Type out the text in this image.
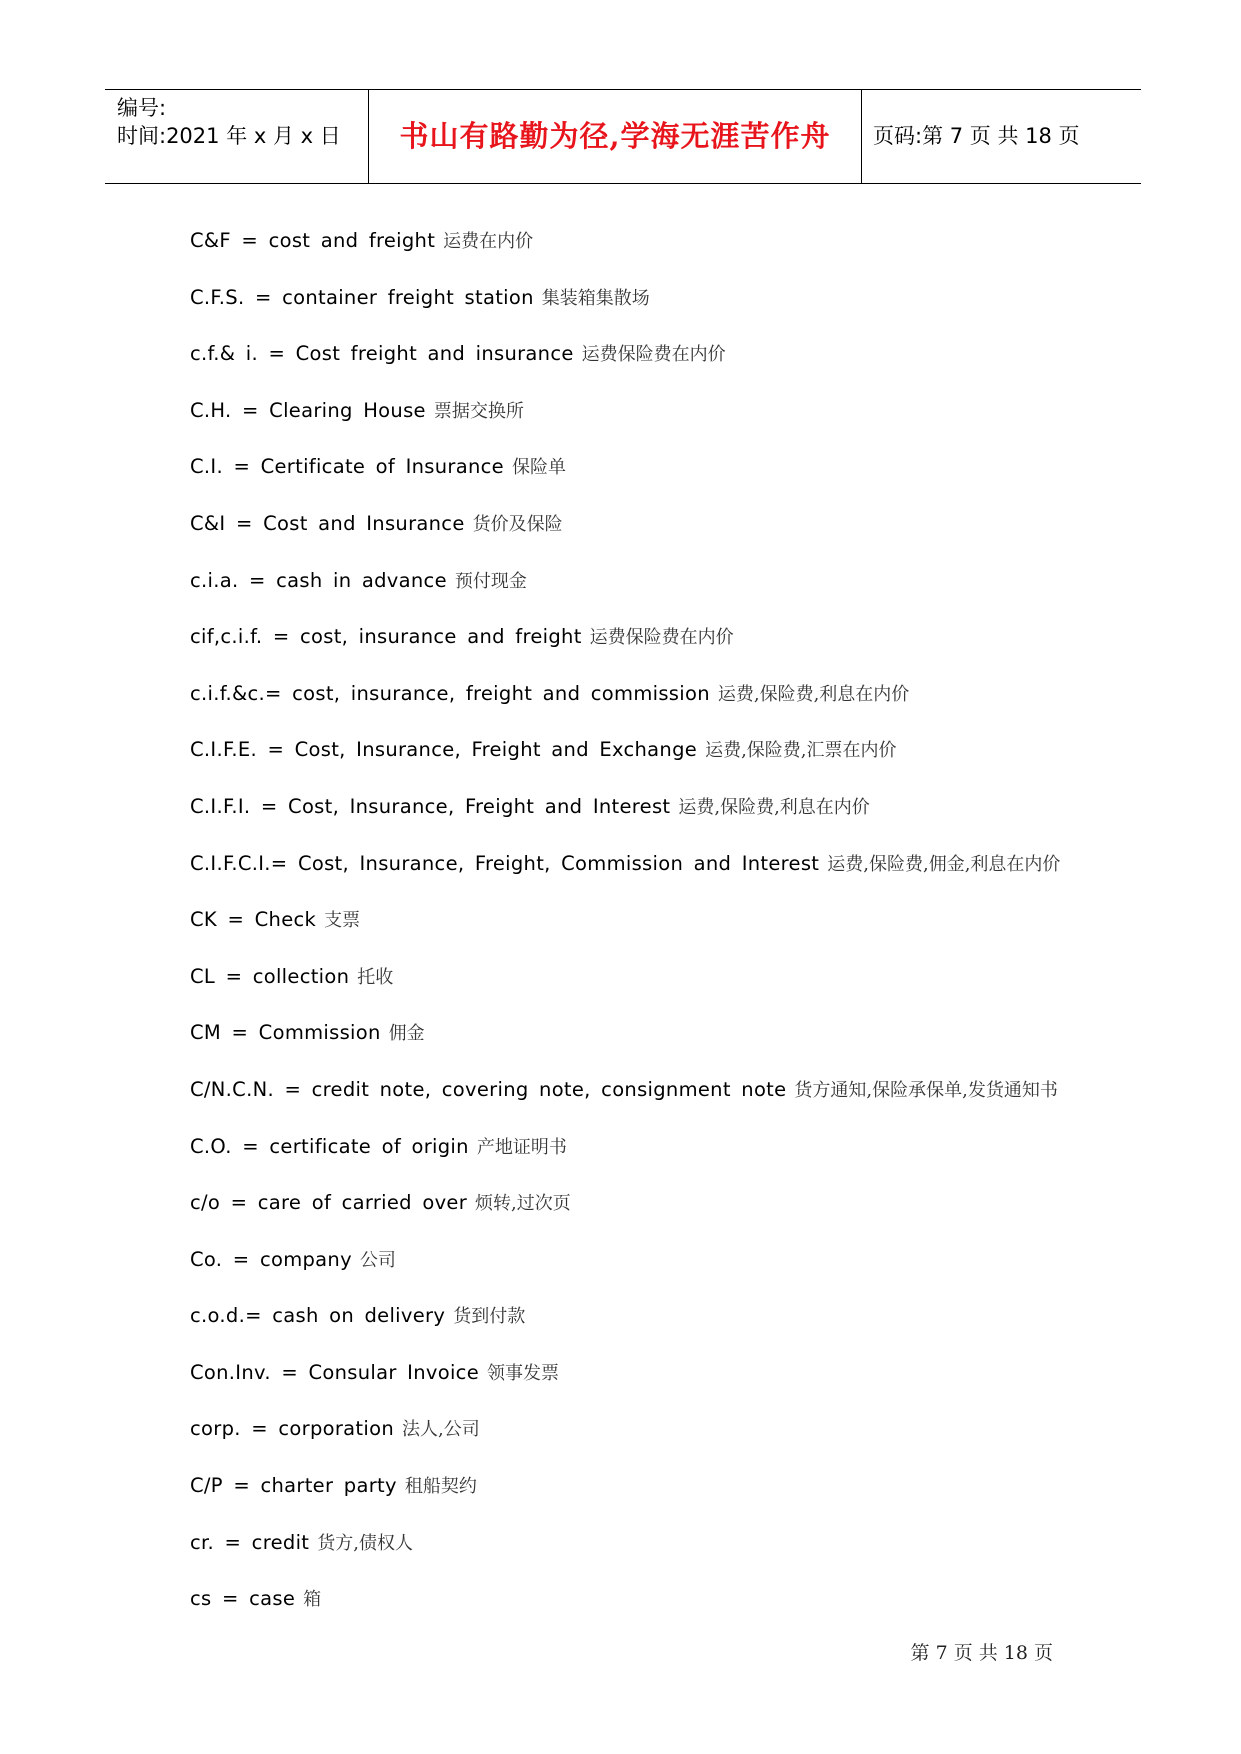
编号:
时间:2021 年 x 月 x 日	书山有路勤为径,学海无涯苦作舟	页码:第 7 页 共 18 页
C&F = cost and freight 运费在内价
C.F.S. = container freight station 集装箱集散场
c.f.& i. = Cost freight and insurance 运费保险费在内价
C.H. = Clearing House 票据交换所
C.I. = Certificate of Insurance 保险单
C&I = Cost and Insurance 货价及保险
c.i.a. = cash in advance 预付现金
cif,c.i.f. = cost, insurance and freight 运费保险费在内价
c.i.f.&c.= cost, insurance, freight and commission 运费,保险费,利息在内价
C.I.F.E. = Cost, Insurance, Freight and Exchange 运费,保险费,汇票在内价
C.I.F.I. = Cost, Insurance, Freight and Interest 运费,保险费,利息在内价
C.I.F.C.I.= Cost, Insurance, Freight, Commission and Interest 运费,保险费,佣金,利息在内价
CK = Check 支票
CL = collection 托收
CM = Commission 佣金
C/N.C.N. = credit note, covering note, consignment note 货方通知,保险承保单,发货通知书
C.O. = certificate of origin 产地证明书
c/o = care of carried over 烦转,过次页
Co. = company 公司
c.o.d.= cash on delivery 货到付款
Con.Inv. = Consular Invoice 领事发票
corp. = corporation 法人,公司
C/P = charter party 租船契约
cr. = credit 货方,债权人
cs = case 箱
第 7 页 共 18 页
